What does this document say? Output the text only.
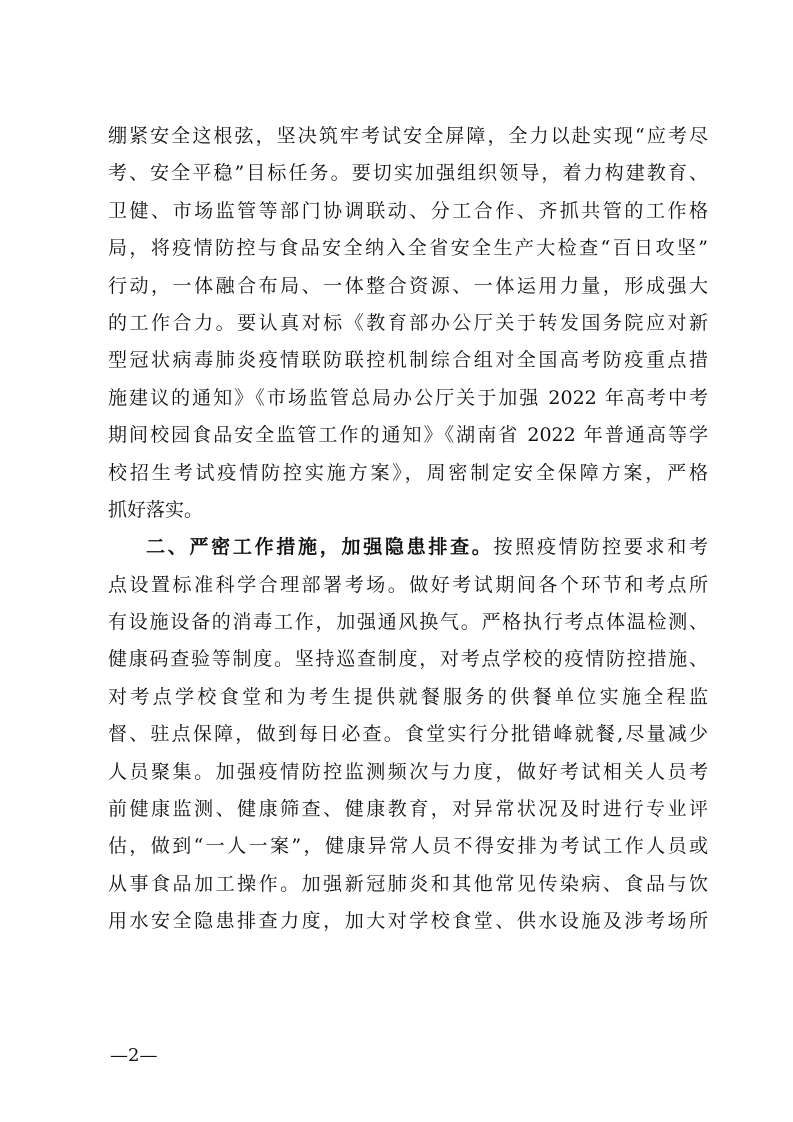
绷紧安全这根弦，坚决筑牢考试安全屏障，全力以赴实现“应考尽
考、安全平稳”目标任务。要切实加强组织领导，着力构建教育、
卫健、市场监管等部门协调联动、分工合作、齐抓共管的工作格
局，将疫情防控与食品安全纳入全省安全生产大检查“百日攻坚”
行动，一体融合布局、一体整合资源、一体运用力量，形成强大
的工作合力。要认真对标《教育部办公厅关于转发国务院应对新
型冠状病毒肺炎疫情联防联控机制综合组对全国高考防疫重点措
施建议的通知》《市场监管总局办公厅关于加强 2022 年高考中考
期间校园食品安全监管工作的通知》《湖南省 2022 年普通高等学
校招生考试疫情防控实施方案》，周密制定安全保障方案，严格
抓好落实。
二、严密工作措施，加强隐患排查。按照疫情防控要求和考
点设置标准科学合理部署考场。做好考试期间各个环节和考点所
有设施设备的消毒工作，加强通风换气。严格执行考点体温检测、
健康码查验等制度。坚持巡查制度，对考点学校的疫情防控措施、
对考点学校食堂和为考生提供就餐服务的供餐单位实施全程监
督、驻点保障，做到每日必查。食堂实行分批错峰就餐,尽量减少
人员聚集。加强疫情防控监测频次与力度，做好考试相关人员考
前健康监测、健康筛查、健康教育，对异常状况及时进行专业评
估，做到“一人一案”，健康异常人员不得安排为考试工作人员或
从事食品加工操作。加强新冠肺炎和其他常见传染病、食品与饮
用水安全隐患排查力度，加大对学校食堂、供水设施及涉考场所
—2—
